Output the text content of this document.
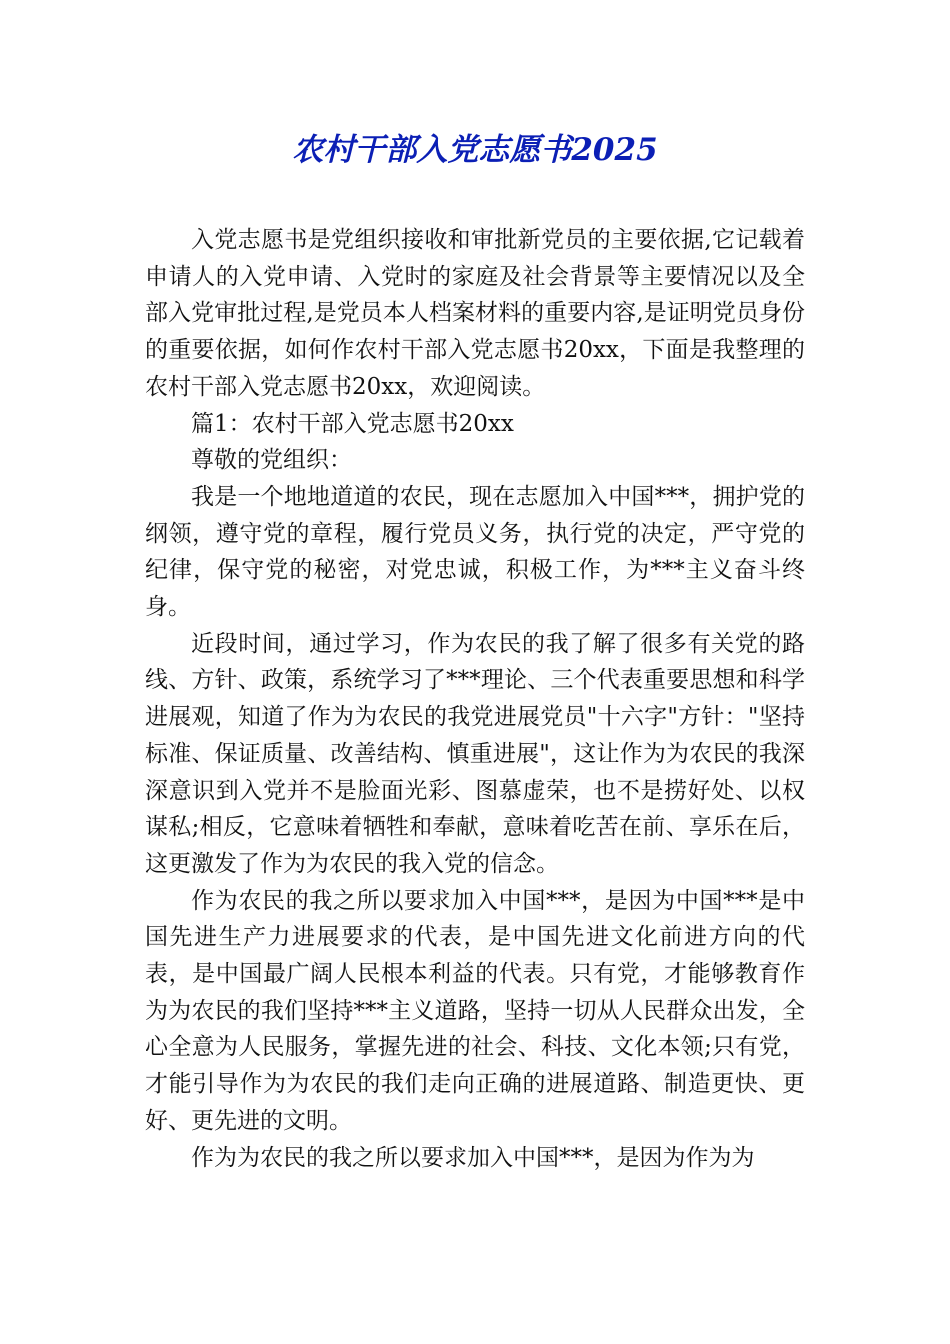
农村干部入党志愿书2025

入党志愿书是党组织接收和审批新党员的主要依据,它记载着申请人的入党申请、入党时的家庭及社会背景等主要情况以及全部入党审批过程,是党员本人档案材料的重要内容,是证明党员身份的重要依据，如何作农村干部入党志愿书20xx，下面是我整理的农村干部入党志愿书20xx，欢迎阅读。

篇1：农村干部入党志愿书20xx

尊敬的党组织：

我是一个地地道道的农民，现在志愿加入中国***，拥护党的纲领，遵守党的章程，履行党员义务，执行党的决定，严守党的纪律，保守党的秘密，对党忠诚，积极工作，为***主义奋斗终身。

近段时间，通过学习，作为农民的我了解了很多有关党的路线、方针、政策，系统学习了***理论、三个代表重要思想和科学进展观，知道了作为为农民的我党进展党员"十六字"方针："坚持标准、保证质量、改善结构、慎重进展"，这让作为为农民的我深深意识到入党并不是脸面光彩、图慕虚荣，也不是捞好处、以权谋私;相反，它意味着牺牲和奉献，意味着吃苦在前、享乐在后，这更激发了作为为农民的我入党的信念。

作为农民的我之所以要求加入中国***，是因为中国***是中国先进生产力进展要求的代表，是中国先进文化前进方向的代表，是中国最广阔人民根本利益的代表。只有党，才能够教育作为为农民的我们坚持***主义道路，坚持一切从人民群众出发，全心全意为人民服务，掌握先进的社会、科技、文化本领;只有党，才能引导作为为农民的我们走向正确的进展道路、制造更快、更好、更先进的文明。

作为为农民的我之所以要求加入中国***，是因为作为为
